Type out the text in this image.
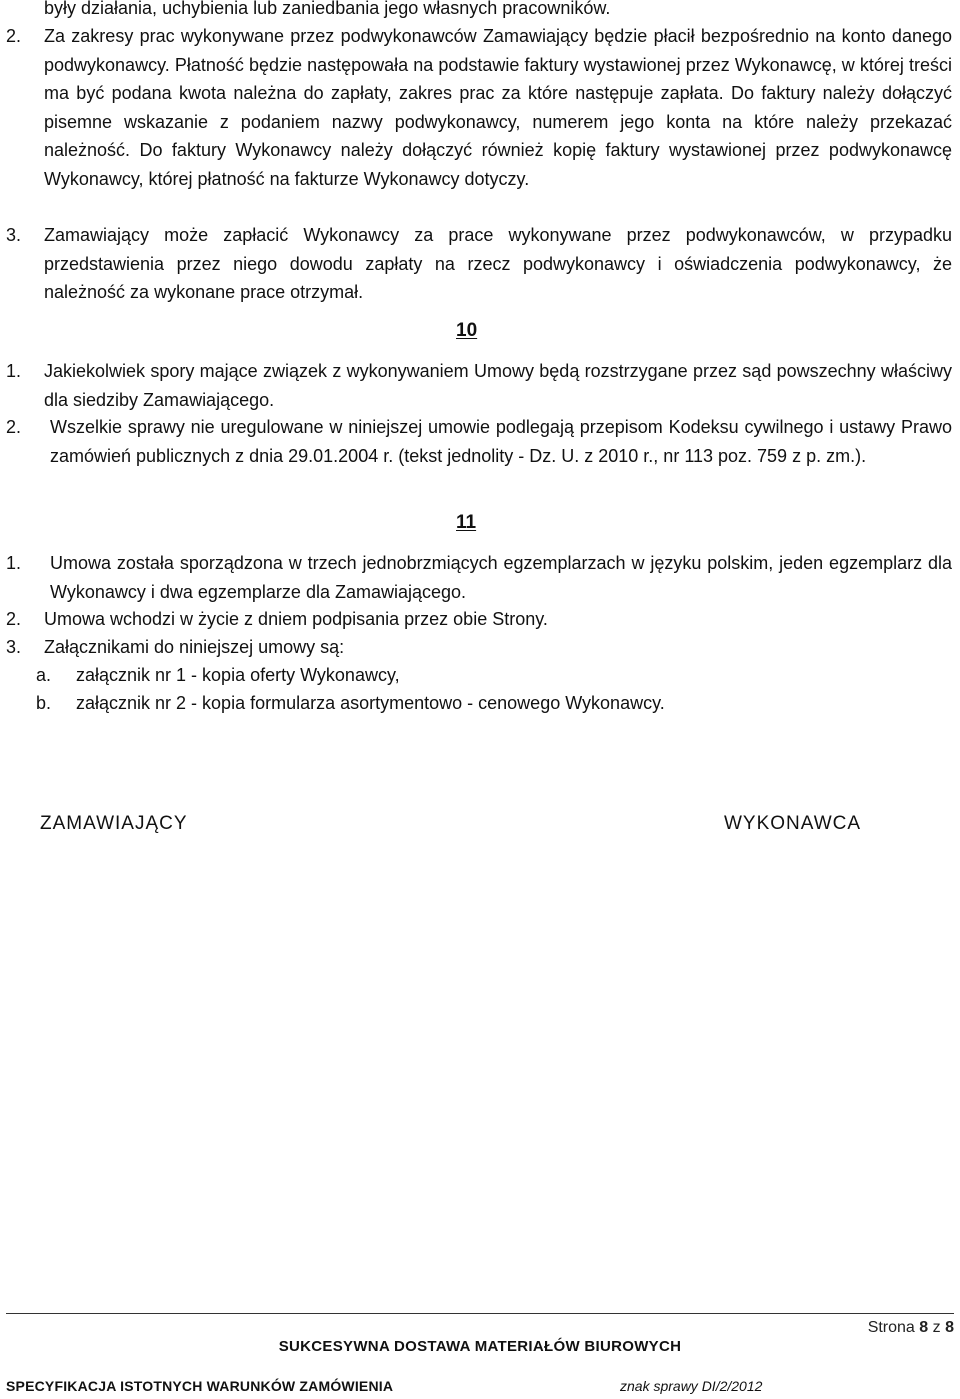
były działania, uchybienia lub zaniedbania jego własnych pracowników.
2. Za zakresy prac wykonywane przez podwykonawców Zamawiający będzie płacił bezpośrednio na konto danego podwykonawcy. Płatność będzie następowała na podstawie faktury wystawionej przez Wykonawcę, w której treści ma być podana kwota należna do zapłaty, zakres prac za które następuje zapłata. Do faktury należy dołączyć pisemne wskazanie z podaniem nazwy podwykonawcy, numerem jego konta na które należy przekazać należność. Do faktury Wykonawcy należy dołączyć również kopię faktury wystawionej przez podwykonawcę Wykonawcy, której płatność na fakturze Wykonawcy dotyczy.
3. Zamawiający może zapłacić Wykonawcy za prace wykonywane przez podwykonawców, w przypadku przedstawienia przez niego dowodu zapłaty na rzecz podwykonawcy i oświadczenia podwykonawcy, że należność za wykonane prace otrzymał.
10
1. Jakiekolwiek spory mające związek z wykonywaniem Umowy będą rozstrzygane przez sąd powszechny właściwy dla siedziby Zamawiającego.
2. Wszelkie sprawy nie uregulowane w niniejszej umowie podlegają przepisom Kodeksu cywilnego i ustawy Prawo zamówień publicznych z dnia 29.01.2004 r. (tekst jednolity - Dz. U. z 2010 r., nr 113 poz. 759 z p. zm.).
11
1. Umowa została sporządzona w trzech jednobrzmiących egzemplarzach w języku polskim, jeden egzemplarz dla Wykonawcy i dwa egzemplarze dla Zamawiającego.
2. Umowa wchodzi w życie z dniem podpisania przez obie Strony.
3. Załącznikami do niniejszej umowy są:
a. załącznik nr 1 - kopia oferty Wykonawcy,
b. załącznik nr 2 - kopia formularza asortymentowo - cenowego Wykonawcy.
ZAMAWIAJĄCY	WYKONAWCA
Strona 8 z 8
SUKCESYWNA DOSTAWA MATERIAŁÓW BIUROWYCH
SPECYFIKACJA ISTOTNYCH WARUNKÓW ZAMÓWIENIA	znak sprawy DI/2/2012
